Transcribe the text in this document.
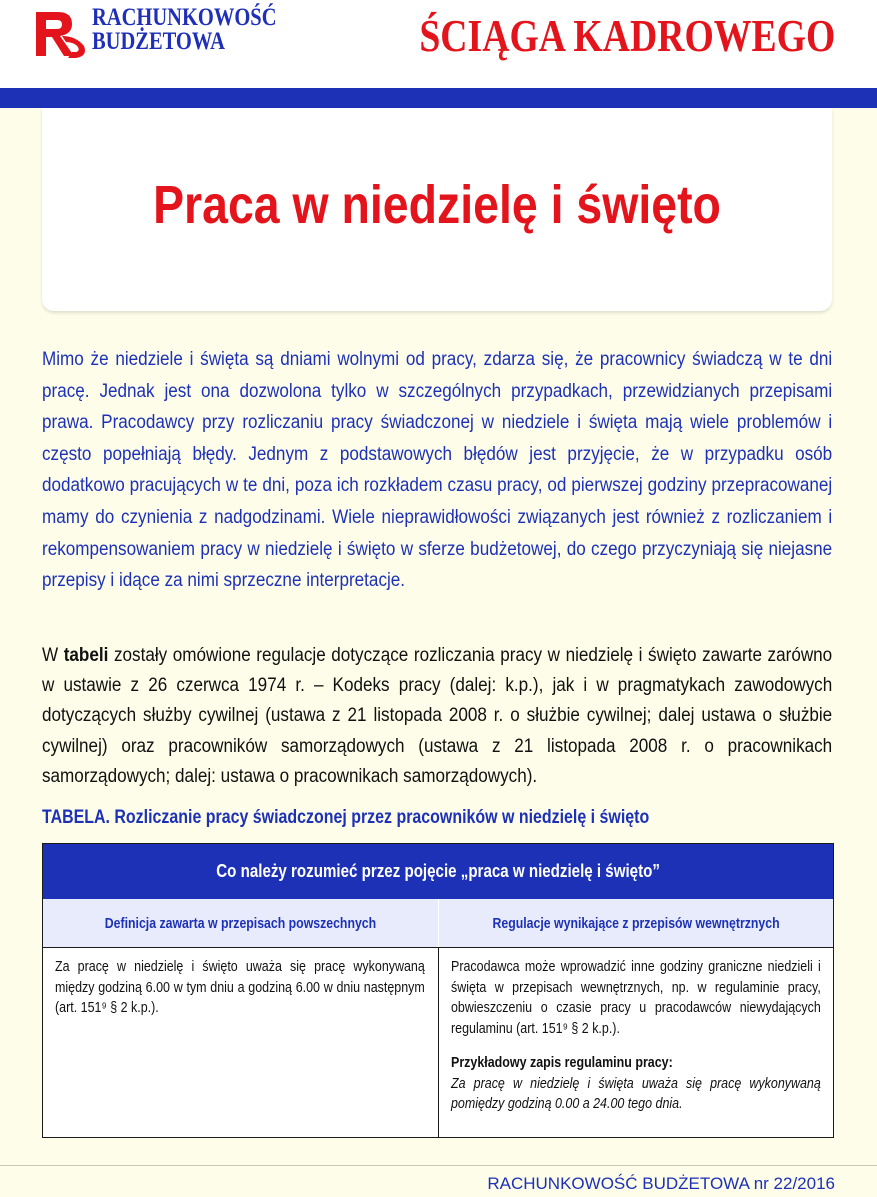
RACHUNKOWOŚĆ
BUDŻETOWA	ŚCIĄGA KADROWEGO
Praca w niedzielę i święto

Mimo że niedziele i święta są dniami wolnymi od pracy, zdarza się, że pracownicy świadczą w te dni pracę. Jednak jest ona dozwolona tylko w szczególnych przypadkach, przewidzianych przepisami prawa. Pracodawcy przy rozliczaniu pracy świadczonej w niedziele i święta mają wiele problemów i często popełniają błędy. Jednym z podstawowych błędów jest przyjęcie, że w przypadku osób dodatkowo pracujących w te dni, poza ich rozkładem czasu pracy, od pierwszej godziny przepracowanej mamy do czynienia z nadgodzinami. Wiele nieprawidłowości związanych jest również z rozliczaniem i rekompensowaniem pracy w niedzielę i święto w sferze budżetowej, do czego przyczyniają się niejasne przepisy i idące za nimi sprzeczne interpretacje.

W tabeli zostały omówione regulacje dotyczące rozliczania pracy w niedzielę i święto zawarte zarówno w ustawie z 26 czerwca 1974 r. – Kodeks pracy (dalej: k.p.), jak i w pragmatykach zawodowych dotyczących służby cywilnej (ustawa z 21 listopada 2008 r. o służbie cywilnej; dalej ustawa o służbie cywilnej) oraz pracowników samorządowych (ustawa z 21 listopada 2008 r. o pracownikach samorządowych; dalej: ustawa o pracownikach samorządowych).

TABELA. Rozliczanie pracy świadczonej przez pracowników w niedzielę i święto
Co należy rozumieć przez pojęcie „praca w niedzielę i święto”
Definicja zawarta w przepisach powszechnych	Regulacje wynikające z przepisów wewnętrznych

Za pracę w niedzielę i święto uważa się pracę wykonywaną między godziną 6.00 w tym dniu a godziną 6.00 w dniu następnym (art. 151⁹ § 2 k.p.).

Pracodawca może wprowadzić inne godziny graniczne niedzieli i święta w przepisach wewnętrznych, np. w regulaminie pracy, obwieszczeniu o czasie pracy u pracodawców niewydających regulaminu (art. 151⁹ § 2 k.p.).

Przykładowy zapis regulaminu pracy:

Za pracę w niedzielę i święta uważa się pracę wykonywaną pomiędzy godziną 0.00 a 24.00 tego dnia.

RACHUNKOWOŚĆ BUDŻETOWA nr 22/2016
